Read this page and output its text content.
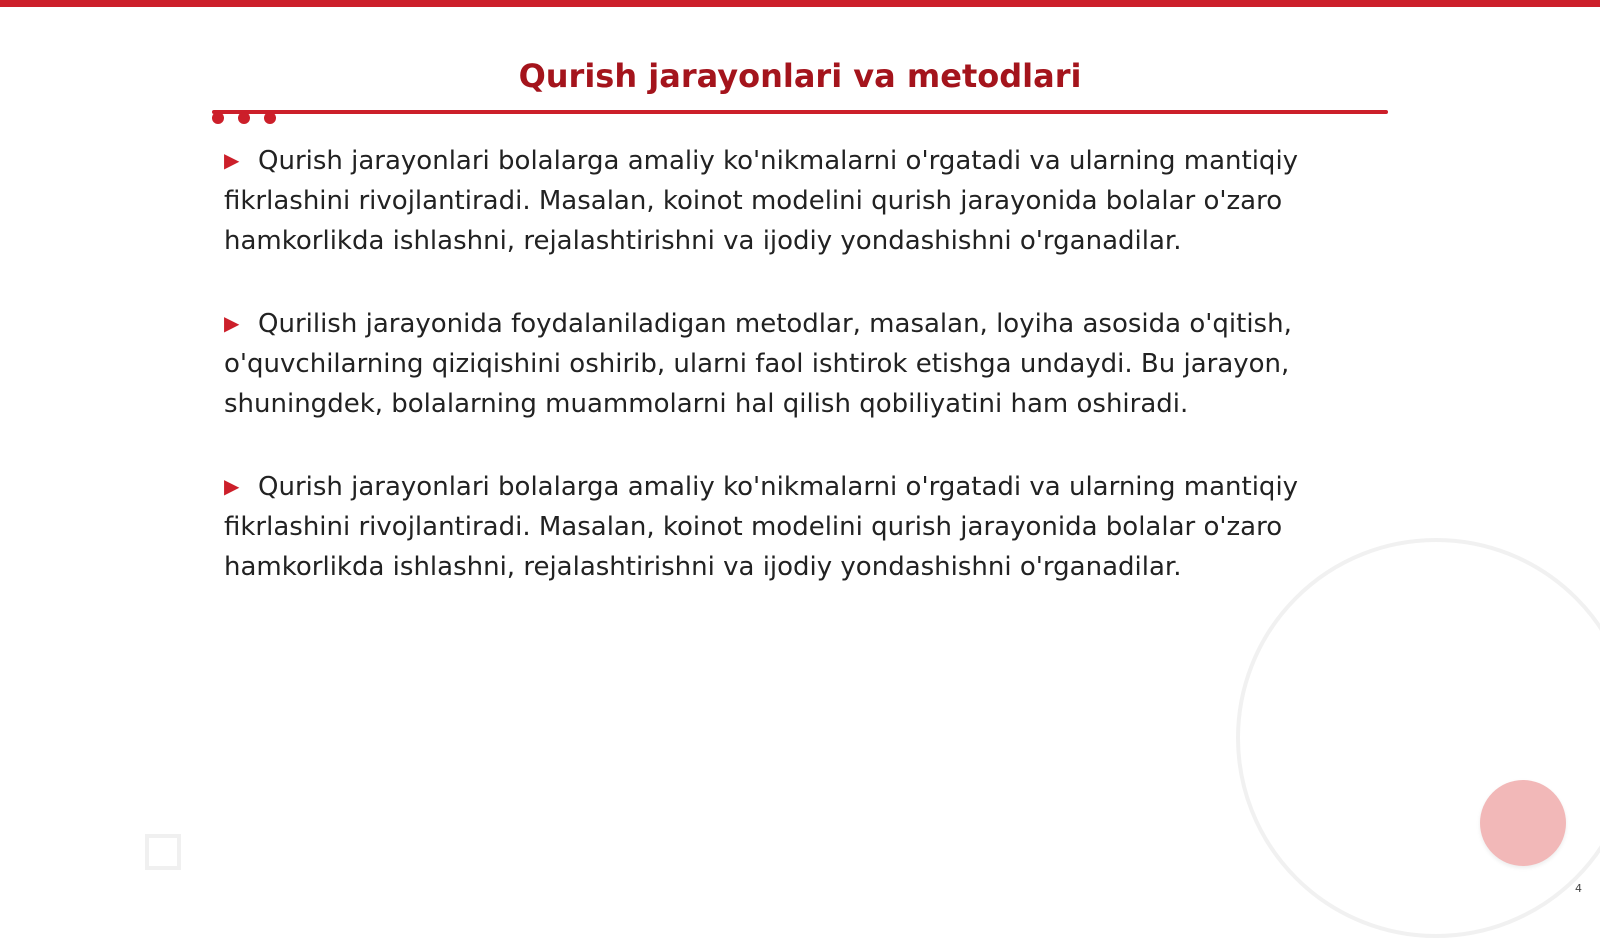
Qurish jarayonlari va metodlari
▶ Qurish jarayonlari bolalarga amaliy ko'nikmalarni o'rgatadi va ularning mantiqiy fikrlashini rivojlantiradi. Masalan, koinot modelini qurish jarayonida bolalar o'zaro hamkorlikda ishlashni, rejalashtirishni va ijodiy yondashishni o'rganadilar.
▶ Qurilish jarayonida foydalaniladigan metodlar, masalan, loyiha asosida o'qitish, o'quvchilarning qiziqishini oshirib, ularni faol ishtirok etishga undaydi. Bu jarayon, shuningdek, bolalarning muammolarni hal qilish qobiliyatini ham oshiradi.
▶ Qurish jarayonlari bolalarga amaliy ko'nikmalarni o'rgatadi va ularning mantiqiy fikrlashini rivojlantiradi. Masalan, koinot modelini qurish jarayonida bolalar o'zaro hamkorlikda ishlashni, rejalashtirishni va ijodiy yondashishni o'rganadilar.
4
